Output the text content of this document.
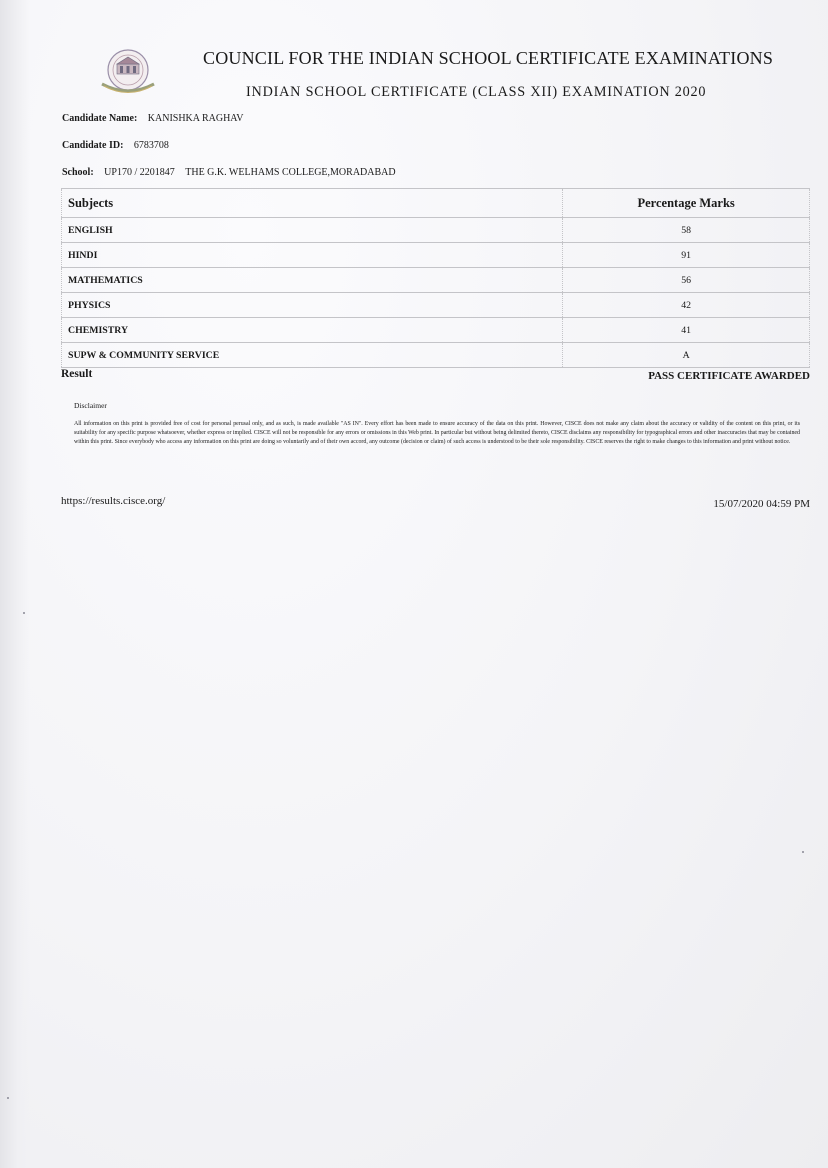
COUNCIL FOR THE INDIAN SCHOOL CERTIFICATE EXAMINATIONS
INDIAN SCHOOL CERTIFICATE (CLASS XII) EXAMINATION 2020
Candidate Name: KANISHKA RAGHAV
Candidate ID: 6783708
School: UP170 / 2201847 THE G.K. WELHAMS COLLEGE,MORADABAD
Subjects	Percentage Marks
ENGLISH	58
HINDI	91
MATHEMATICS	56
PHYSICS	42
CHEMISTRY	41
SUPW & COMMUNITY SERVICE	A
Result	PASS CERTIFICATE AWARDED
Disclaimer
All information on this print is provided free of cost for personal perusal only, and as such, is made available "AS IN". Every effort has been made to ensure accuracy of the data on this print. However, CISCE does not make any claim about the accuracy or validity of the content on this print, or its suitability for any specific purpose whatsoever, whether express or implied. CISCE will not be responsible for any errors or omissions in this Web print. In particular but without being delimited thereto, CISCE disclaims any responsibility for typographical errors and other inaccuracies that may be contained within this print. Since everybody who access any information on this print are doing so voluntarily and of their own accord, any outcome (decision or claim) of such access is understood to be their sole responsibility. CISCE reserves the right to make changes to this information and print without notice.
https://results.cisce.org/	15/07/2020 04:59 PM
